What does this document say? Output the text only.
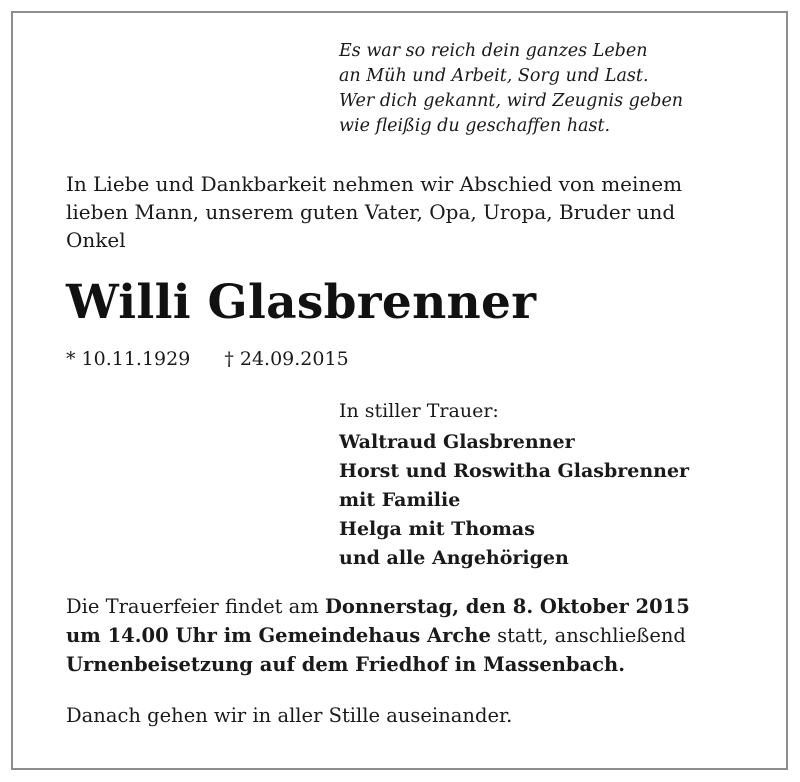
Es war so reich dein ganzes Leben
an Müh und Arbeit, Sorg und Last.
Wer dich gekannt, wird Zeugnis geben
wie fleißig du geschaffen hast.
In Liebe und Dankbarkeit nehmen wir Abschied von meinem
lieben Mann, unserem guten Vater, Opa, Uropa, Bruder und
Onkel
Willi Glasbrenner
* 10.11.1929 † 24.09.2015
In stiller Trauer:
Waltraud Glasbrenner
Horst und Roswitha Glasbrenner
mit Familie
Helga mit Thomas
und alle Angehörigen
Die Trauerfeier findet am Donnerstag, den 8. Oktober 2015
um 14.00 Uhr im Gemeindehaus Arche statt, anschließend
Urnenbeisetzung auf dem Friedhof in Massenbach.
Danach gehen wir in aller Stille auseinander.
